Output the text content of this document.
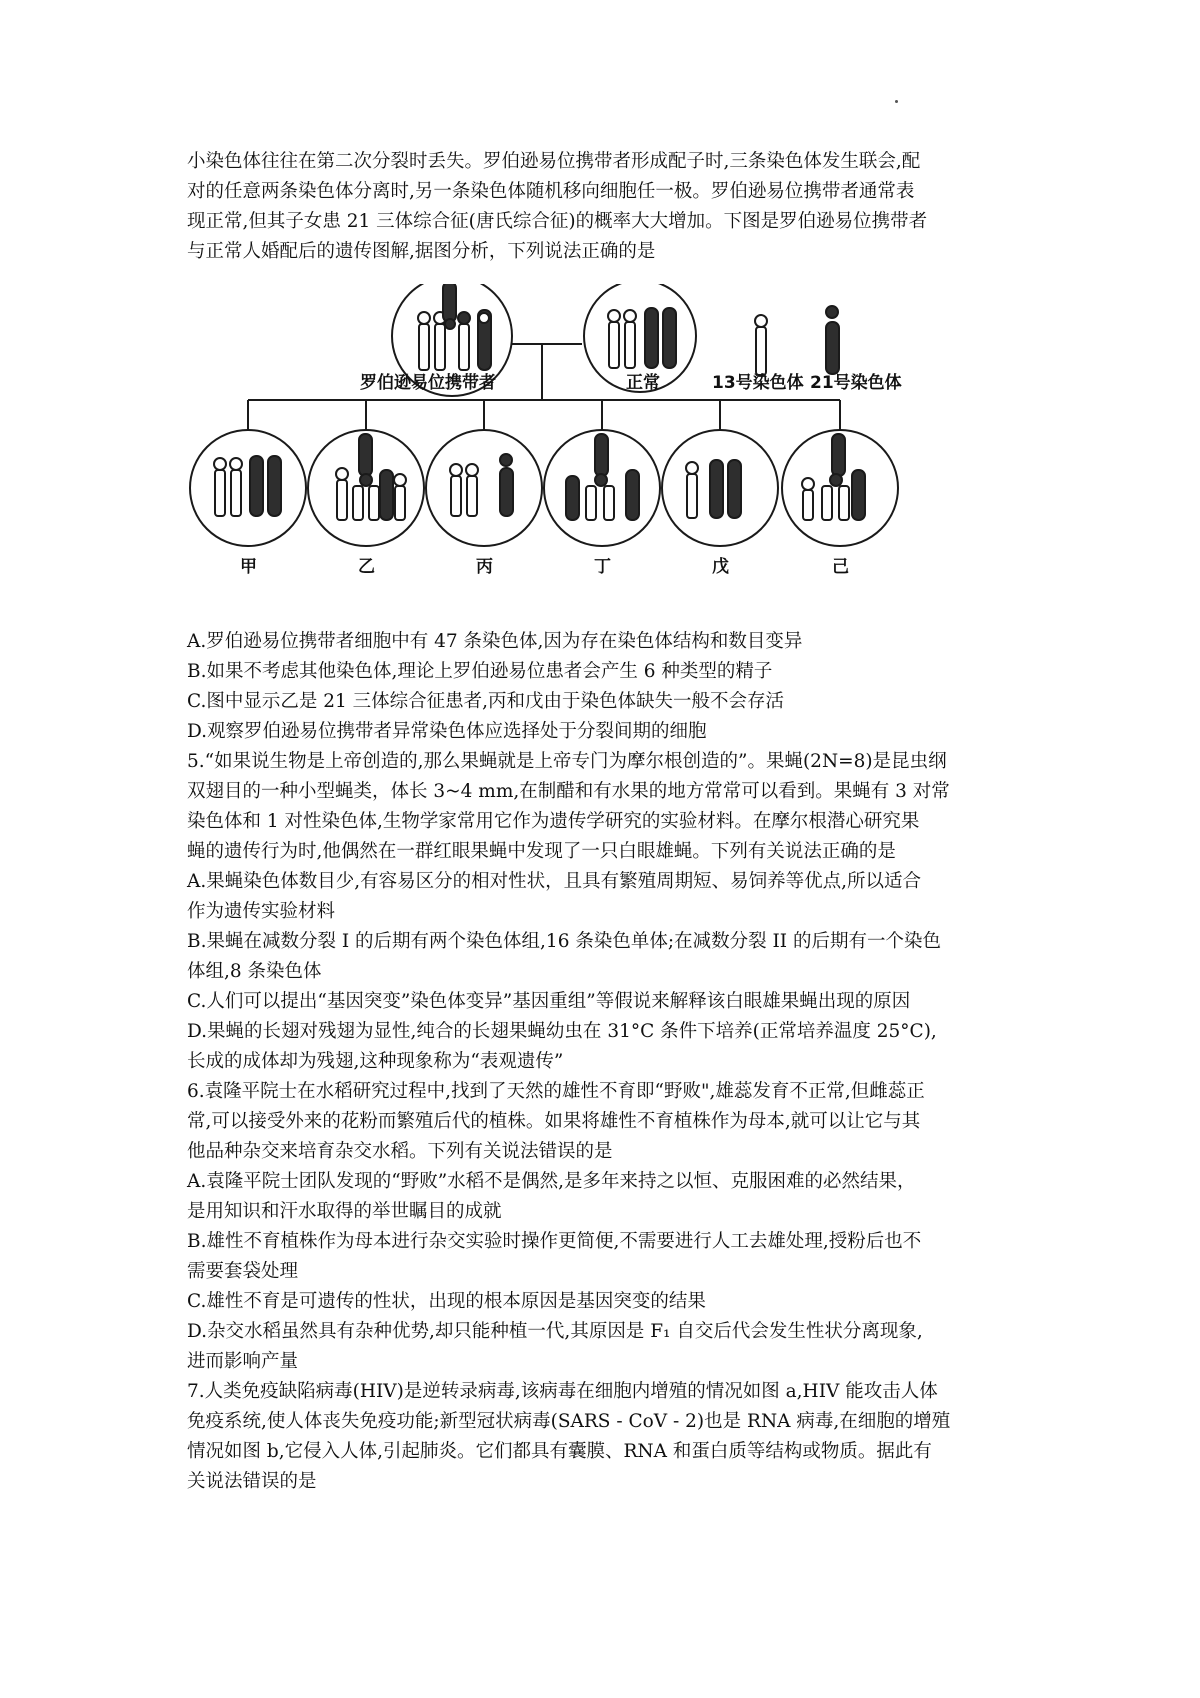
小染色体往往在第二次分裂时丢失。罗伯逊易位携带者形成配子时,三条染色体发生联会,配
对的任意两条染色体分离时,另一条染色体随机移向细胞任一极。罗伯逊易位携带者通常表
现正常,但其子女患 21 三体综合征(唐氏综合征)的概率大大增加。下图是罗伯逊易位携带者
与正常人婚配后的遗传图解,据图分析，下列说法正确的是
罗伯逊易位携带者	正常	13号染色体 21号染色体
甲	乙	丙	丁	戊	己
A.罗伯逊易位携带者细胞中有 47 条染色体,因为存在染色体结构和数目变异
B.如果不考虑其他染色体,理论上罗伯逊易位患者会产生 6 种类型的精子
C.图中显示乙是 21 三体综合征患者,丙和戊由于染色体缺失一般不会存活
D.观察罗伯逊易位携带者异常染色体应选择处于分裂间期的细胞
5.“如果说生物是上帝创造的,那么果蝇就是上帝专门为摩尔根创造的”。果蝇(2N=8)是昆虫纲
双翅目的一种小型蝇类，体长 3~4 mm,在制醋和有水果的地方常常可以看到。果蝇有 3 对常
染色体和 1 对性染色体,生物学家常用它作为遗传学研究的实验材料。在摩尔根潜心研究果
蝇的遗传行为时,他偶然在一群红眼果蝇中发现了一只白眼雄蝇。下列有关说法正确的是
A.果蝇染色体数目少,有容易区分的相对性状，且具有繁殖周期短、易饲养等优点,所以适合
作为遗传实验材料
B.果蝇在减数分裂 I 的后期有两个染色体组,16 条染色单体;在减数分裂 II 的后期有一个染色
体组,8 条染色体
C.人们可以提出“基因突变”染色体变异”基因重组”等假说来解释该白眼雄果蝇出现的原因
D.果蝇的长翅对残翅为显性,纯合的长翅果蝇幼虫在 31°C 条件下培养(正常培养温度 25°C),
长成的成体却为残翅,这种现象称为“表观遗传”
6.袁隆平院士在水稻研究过程中,找到了天然的雄性不育即“野败",雄蕊发育不正常,但雌蕊正
常,可以接受外来的花粉而繁殖后代的植株。如果将雄性不育植株作为母本,就可以让它与其
他品种杂交来培育杂交水稻。下列有关说法错误的是
A.袁隆平院士团队发现的“野败”水稻不是偶然,是多年来持之以恒、克服困难的必然结果，
是用知识和汗水取得的举世瞩目的成就
B.雄性不育植株作为母本进行杂交实验时操作更简便,不需要进行人工去雄处理,授粉后也不
需要套袋处理
C.雄性不育是可遗传的性状，出现的根本原因是基因突变的结果
D.杂交水稻虽然具有杂种优势,却只能种植一代,其原因是 F₁ 自交后代会发生性状分离现象,
进而影响产量
7.人类免疫缺陷病毒(HIV)是逆转录病毒,该病毒在细胞内增殖的情况如图 a,HIV 能攻击人体
免疫系统,使人体丧失免疫功能;新型冠状病毒(SARS - CoV - 2)也是 RNA 病毒,在细胞的增殖
情况如图 b,它侵入人体,引起肺炎。它们都具有囊膜、RNA 和蛋白质等结构或物质。据此有
关说法错误的是
